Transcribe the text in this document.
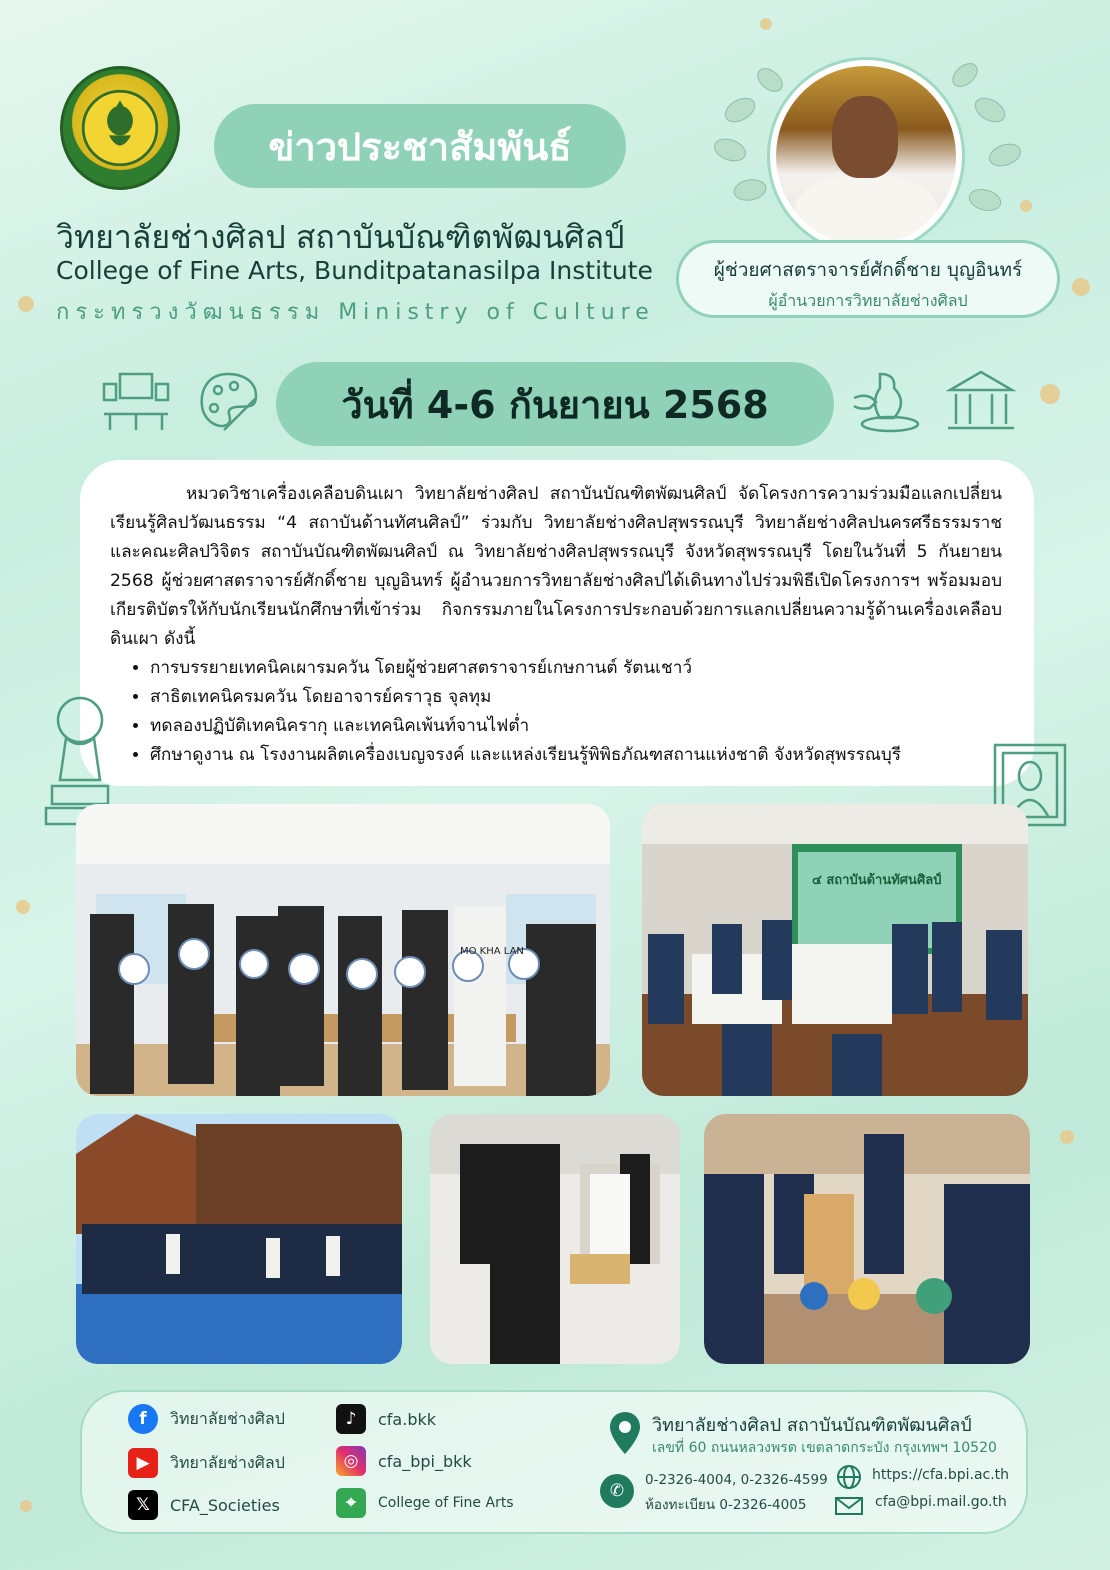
ข่าวประชาสัมพันธ์
วิทยาลัยช่างศิลป สถาบันบัณฑิตพัฒนศิลป์
College of Fine Arts, Bunditpatanasilpa Institute
กระทรวงวัฒนธรรม Ministry of Culture
ผู้ช่วยศาสตราจารย์ศักดิ์ชาย บุญอินทร์
ผู้อำนวยการวิทยาลัยช่างศิลป
วันที่ 4-6 กันยายน 2568

หมวดวิชาเครื่องเคลือบดินเผา วิทยาลัยช่างศิลป สถาบันบัณฑิตพัฒนศิลป์ จัดโครงการความร่วมมือแลกเปลี่ยนเรียนรู้ศิลปวัฒนธรรม “4 สถาบันด้านทัศนศิลป์” ร่วมกับ วิทยาลัยช่างศิลปสุพรรณบุรี วิทยาลัยช่างศิลปนครศรีธรรมราช และคณะศิลปวิจิตร สถาบันบัณฑิตพัฒนศิลป์ ณ วิทยาลัยช่างศิลปสุพรรณบุรี จังหวัดสุพรรณบุรี โดยในวันที่ 5 กันยายน 2568 ผู้ช่วยศาสตราจารย์ศักดิ์ชาย บุญอินทร์ ผู้อำนวยการวิทยาลัยช่างศิลปได้เดินทางไปร่วมพิธีเปิดโครงการฯ พร้อมมอบเกียรติบัตรให้กับนักเรียนนักศึกษาที่เข้าร่วม กิจกรรมภายในโครงการประกอบด้วยการแลกเปลี่ยนความรู้ด้านเครื่องเคลือบดินเผา ดังนี้

• การบรรยายเทคนิคเผารมควัน โดยผู้ช่วยศาสตราจารย์เกษกานต์ รัตนเชาว์
• สาธิตเทคนิครมควัน โดยอาจารย์คราวุธ จุลทุม
• ทดลองปฏิบัติเทคนิครากุ และเทคนิคเพ้นท์จานไฟต่ำ
• ศึกษาดูงาน ณ โรงงานผลิตเครื่องเบญจรงค์ และแหล่งเรียนรู้พิพิธภัณฑสถานแห่งชาติ จังหวัดสุพรรณบุรี
MO KHA LAN
๔ สถาบันด้านทัศนศิลป์
f	วิทยาลัยช่างศิลป
▶	วิทยาลัยช่างศิลป
𝕏	CFA_Societies
♪	cfa.bkk
◎	cfa_bpi_bkk
⌖	College of Fine Arts
วิทยาลัยช่างศิลป สถาบันบัณฑิตพัฒนศิลป์
เลขที่ 60 ถนนหลวงพรต เขตลาดกระบัง กรุงเทพฯ 10520
✆
0-2326-4004, 0-2326-4599
ห้องทะเบียน 0-2326-4005
https://cfa.bpi.ac.th
cfa@bpi.mail.go.th
